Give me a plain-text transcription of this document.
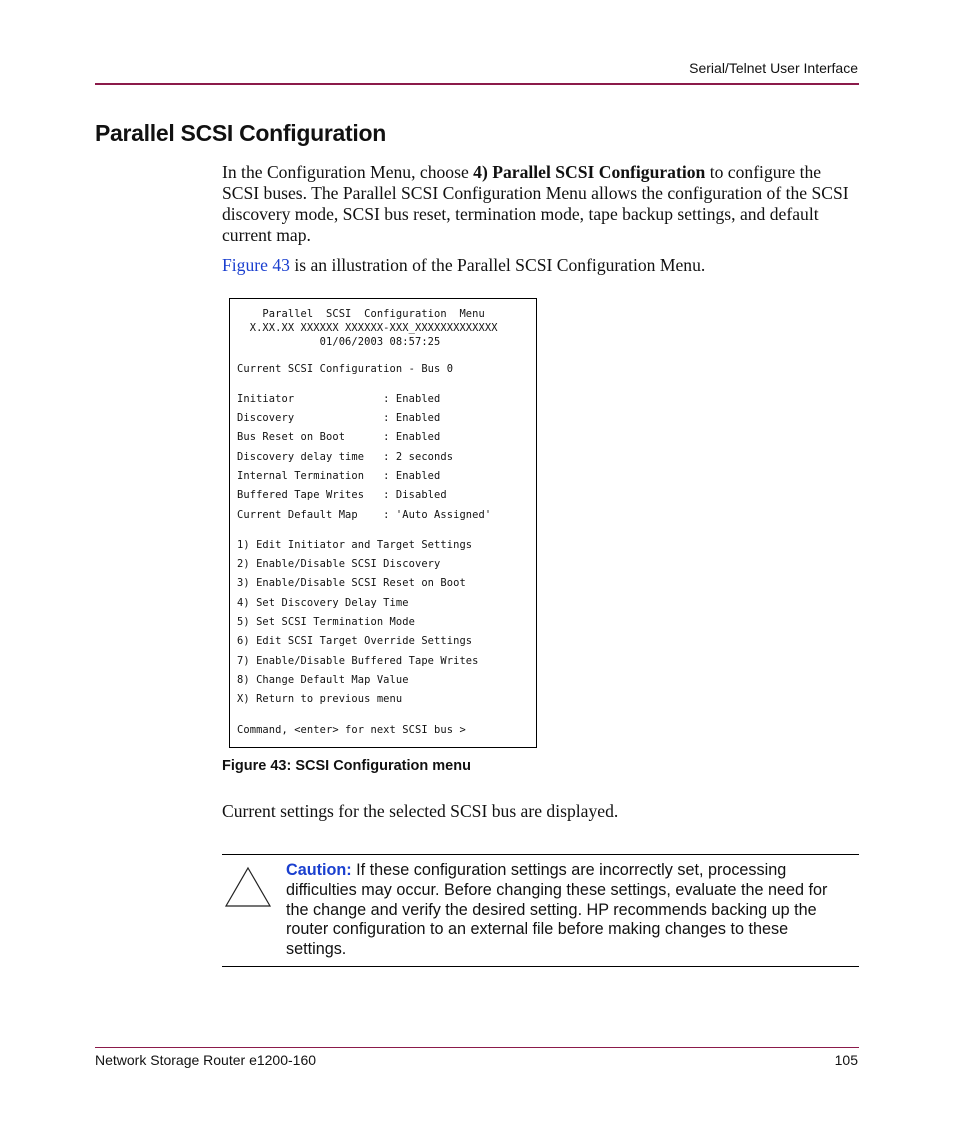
Serial/Telnet User Interface
Parallel SCSI Configuration
In the Configuration Menu, choose 4) Parallel SCSI Configuration to configure the SCSI buses. The Parallel SCSI Configuration Menu allows the configuration of the SCSI discovery mode, SCSI bus reset, termination mode, tape backup settings, and default current map.
Figure 43 is an illustration of the Parallel SCSI Configuration Menu.
Parallel  SCSI  Configuration  Menu
X.XX.XX XXXXXX XXXXXX-XXX_XXXXXXXXXXXXX
01/06/2003 08:57:25
Current SCSI Configuration - Bus 0
Initiator              : Enabled
Discovery              : Enabled
Bus Reset on Boot      : Enabled
Discovery delay time   : 2 seconds
Internal Termination   : Enabled
Buffered Tape Writes   : Disabled
Current Default Map    : 'Auto Assigned'
1) Edit Initiator and Target Settings
2) Enable/Disable SCSI Discovery
3) Enable/Disable SCSI Reset on Boot
4) Set Discovery Delay Time
5) Set SCSI Termination Mode
6) Edit SCSI Target Override Settings
7) Enable/Disable Buffered Tape Writes
8) Change Default Map Value
X) Return to previous menu
Command, <enter> for next SCSI bus >
Figure 43: SCSI Configuration menu
Current settings for the selected SCSI bus are displayed.
Caution: If these configuration settings are incorrectly set, processing difficulties may occur. Before changing these settings, evaluate the need for the change and verify the desired setting. HP recommends backing up the router configuration to an external file before making changes to these settings.
Network Storage Router e1200-160	105
